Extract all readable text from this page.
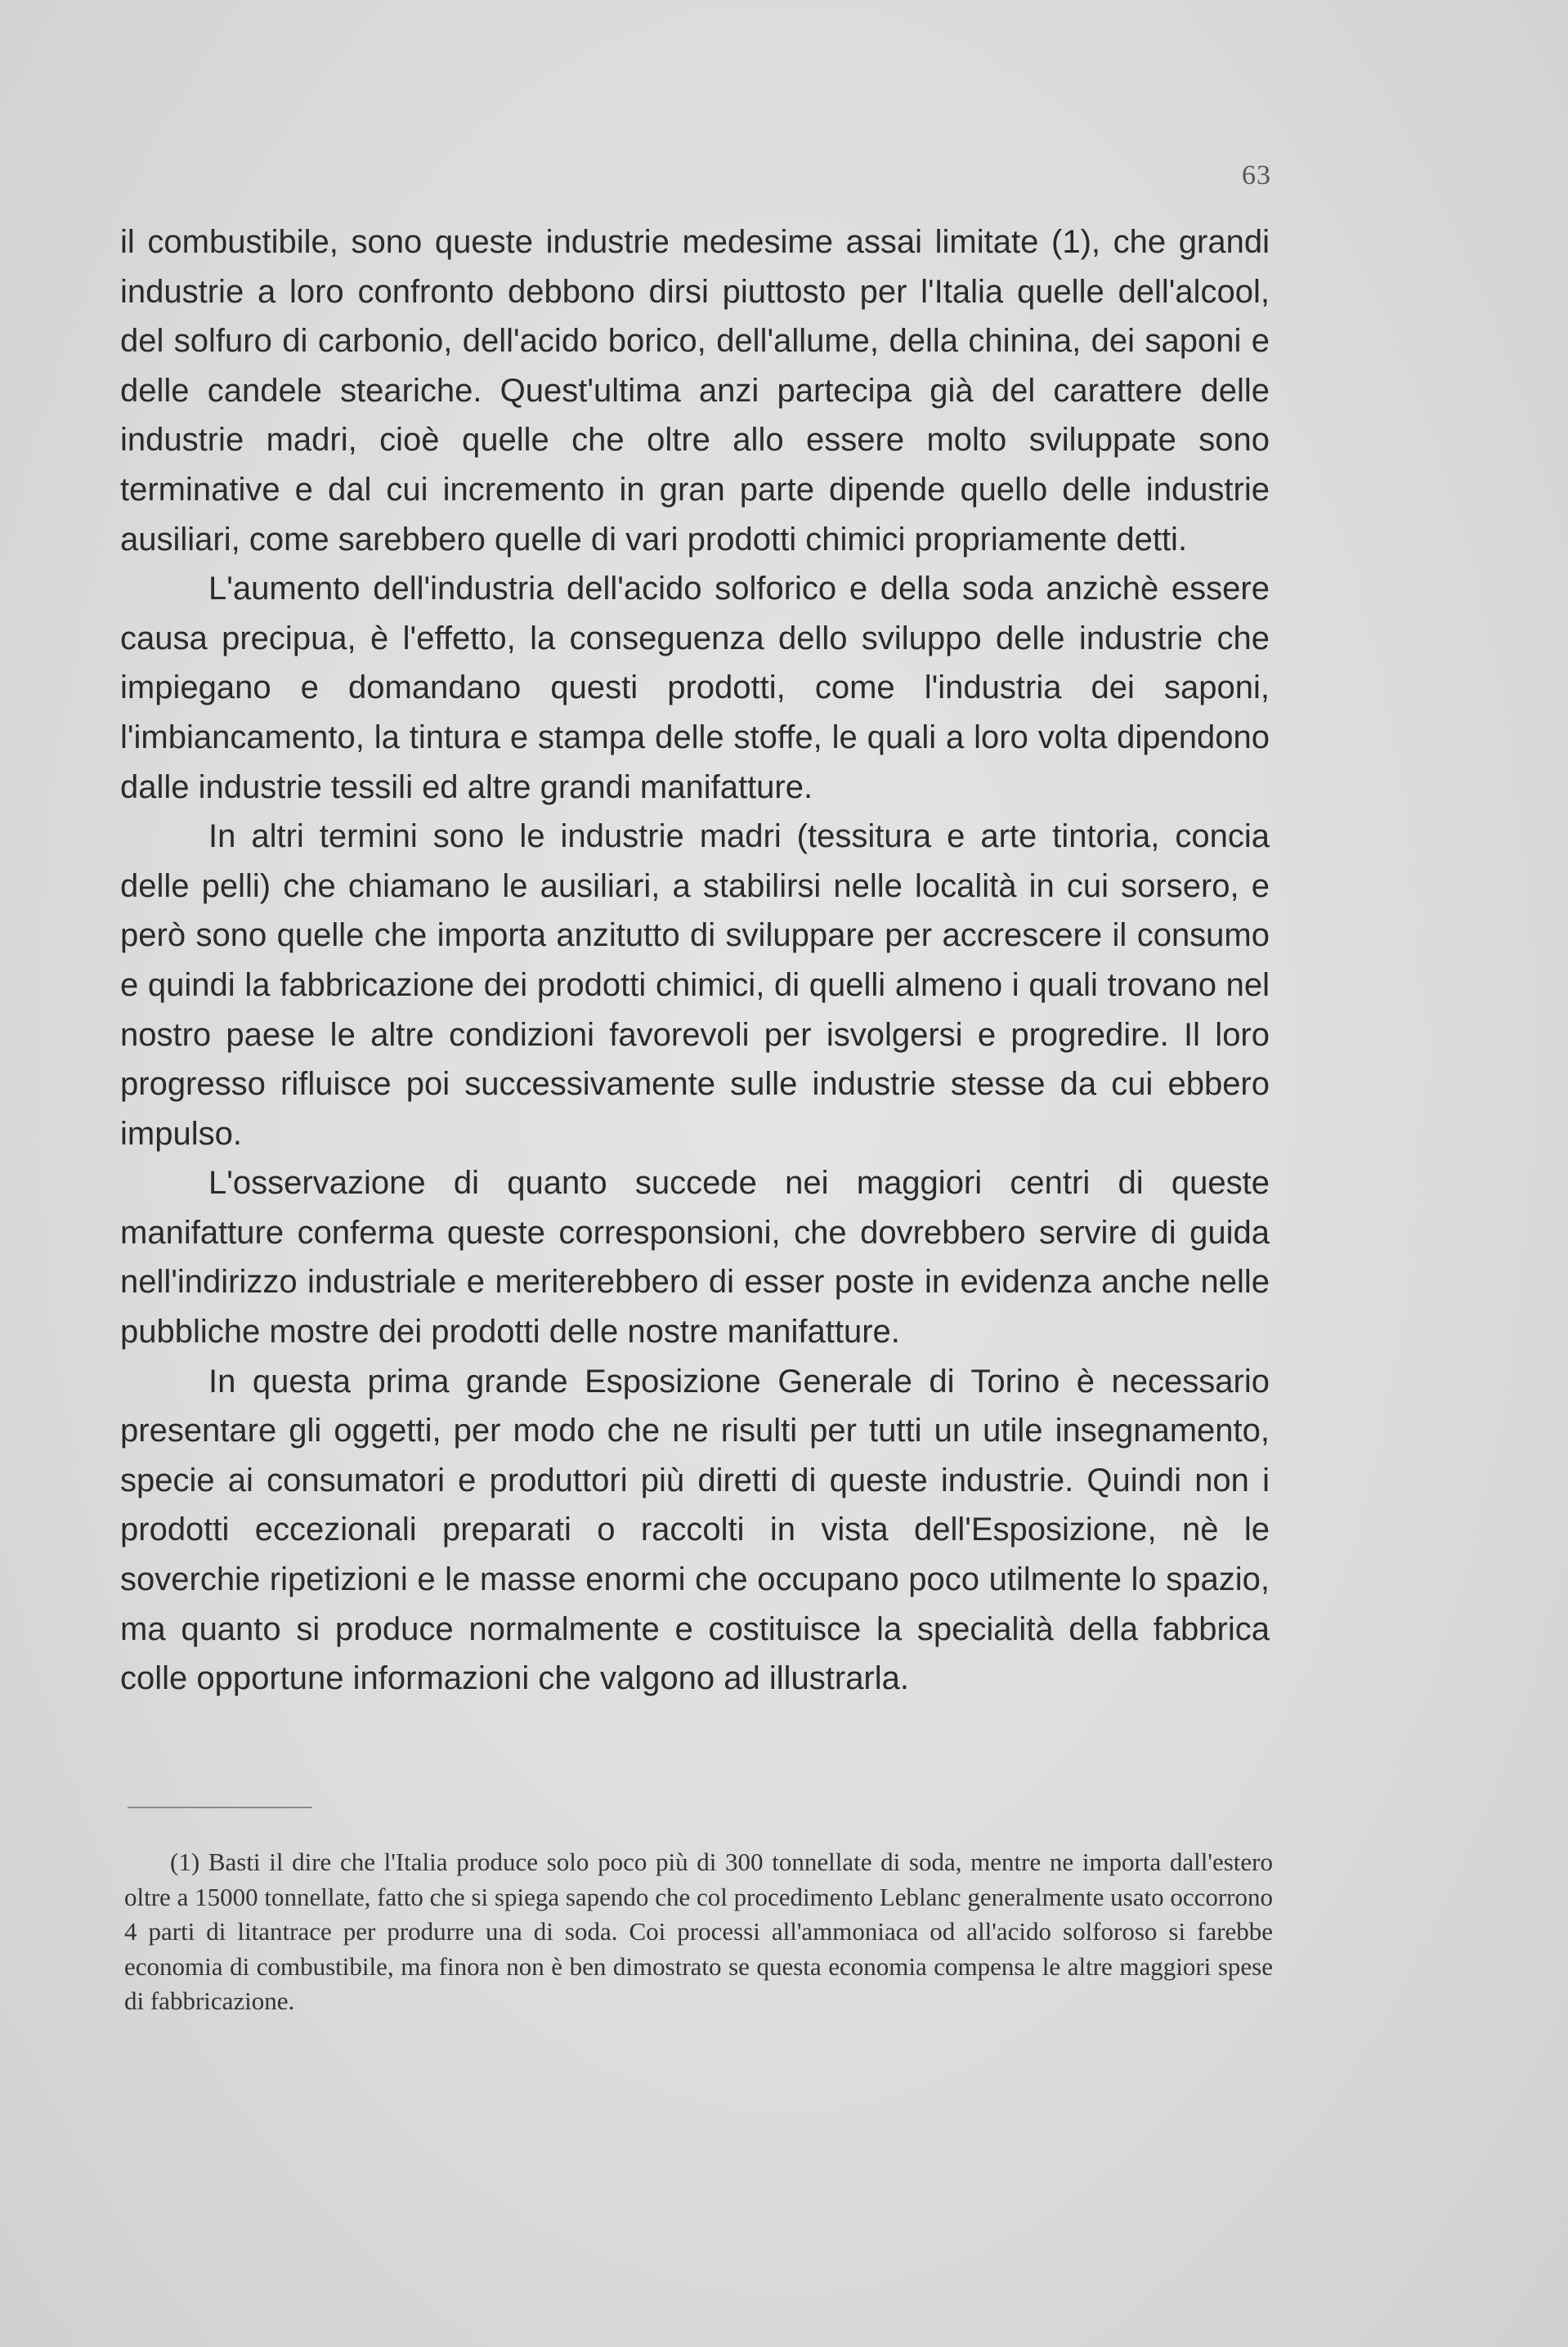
63

il combustibile, sono queste industrie medesime assai limitate (1), che grandi industrie a loro confronto debbono dirsi piuttosto per l'Italia quelle dell'alcool, del solfuro di carbonio, dell'acido borico, dell'allume, della chinina, dei saponi e delle candele steariche. Quest'ultima anzi partecipa già del carattere delle industrie madri, cioè quelle che oltre allo essere molto sviluppate sono terminative e dal cui incremento in gran parte dipende quello delle industrie ausiliari, come sarebbero quelle di vari prodotti chimici propriamente detti.

L'aumento dell'industria dell'acido solforico e della soda anzichè essere causa precipua, è l'effetto, la conseguenza dello sviluppo delle industrie che impiegano e domandano questi prodotti, come l'industria dei saponi, l'imbiancamento, la tintura e stampa delle stoffe, le quali a loro volta dipendono dalle industrie tessili ed altre grandi manifatture.

In altri termini sono le industrie madri (tessitura e arte tintoria, concia delle pelli) che chiamano le ausiliari, a stabilirsi nelle località in cui sorsero, e però sono quelle che importa anzitutto di sviluppare per accrescere il consumo e quindi la fabbricazione dei prodotti chimici, di quelli almeno i quali trovano nel nostro paese le altre condizioni favorevoli per isvolgersi e progredire. Il loro progresso rifluisce poi successivamente sulle industrie stesse da cui ebbero impulso.

L'osservazione di quanto succede nei maggiori centri di queste manifatture conferma queste corresponsioni, che dovrebbero servire di guida nell'indirizzo industriale e meriterebbero di esser poste in evidenza anche nelle pubbliche mostre dei prodotti delle nostre manifatture.

In questa prima grande Esposizione Generale di Torino è necessario presentare gli oggetti, per modo che ne risulti per tutti un utile insegnamento, specie ai consumatori e produttori più diretti di queste industrie. Quindi non i prodotti eccezionali preparati o raccolti in vista dell'Esposizione, nè le soverchie ripetizioni e le masse enormi che occupano poco utilmente lo spazio, ma quanto si produce normalmente e costituisce la specialità della fabbrica colle opportune informazioni che valgono ad illustrarla.

(1) Basti il dire che l'Italia produce solo poco più di 300 tonnellate di soda, mentre ne importa dall'estero oltre a 15000 tonnellate, fatto che si spiega sapendo che col procedimento Leblanc generalmente usato occorrono 4 parti di litantrace per produrre una di soda. Coi processi all'ammoniaca od all'acido solforoso si farebbe economia di combustibile, ma finora non è ben dimostrato se questa economia compensa le altre maggiori spese di fabbricazione.
